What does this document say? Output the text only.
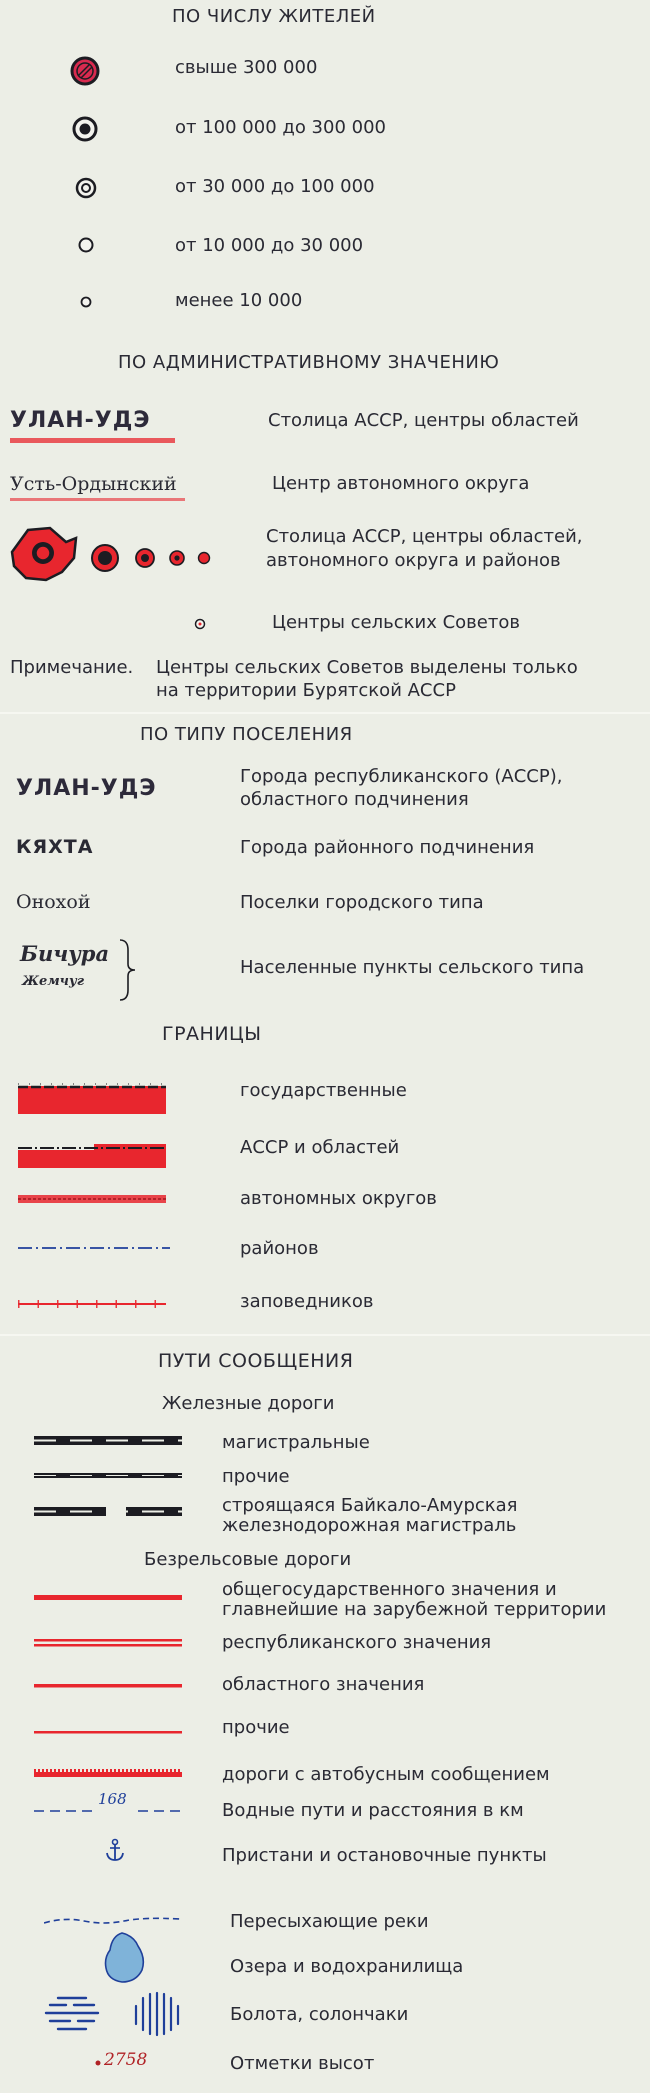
ПО ЧИСЛУ ЖИТЕЛЕЙ
свыше 300 000
от 100 000 до 300 000
от 30 000 до 100 000
от 10 000 до 30 000
менее 10 000
ПО АДМИНИСТРАТИВНОМУ ЗНАЧЕНИЮ
УЛАН-УДЭ	Столица АССР, центры областей
Усть-Ордынский	Центр автономного округа
Столица АССР, центры областей,
автономного округа и районов
Центры сельских Советов
Примечание. Центры сельских Советов выделены только
на территории Бурятской АССР
ПО ТИПУ ПОСЕЛЕНИЯ
УЛАН-УДЭ	Города республиканского (АССР),
областного подчинения
КЯХТА	Города районного подчинения
Онохой	Поселки городского типа
Бичура
Жемчуг
Населенные пункты сельского типа
ГРАНИЦЫ
государственные
АССР и областей
автономных округов
районов
заповедников
ПУТИ СООБЩЕНИЯ
Железные дороги
магистральные
прочие
строящаяся Байкало-Амурская
железнодорожная магистраль
Безрельсовые дороги
общегосударственного значения и
главнейшие на зарубежной территории
республиканского значения
областного значения
прочие
дороги с автобусным сообщением
168
Водные пути и расстояния в км
Пристани и остановочные пункты
Пересыхающие реки
Озера и водохранилища
Болота, солончаки
2758	Отметки высот
